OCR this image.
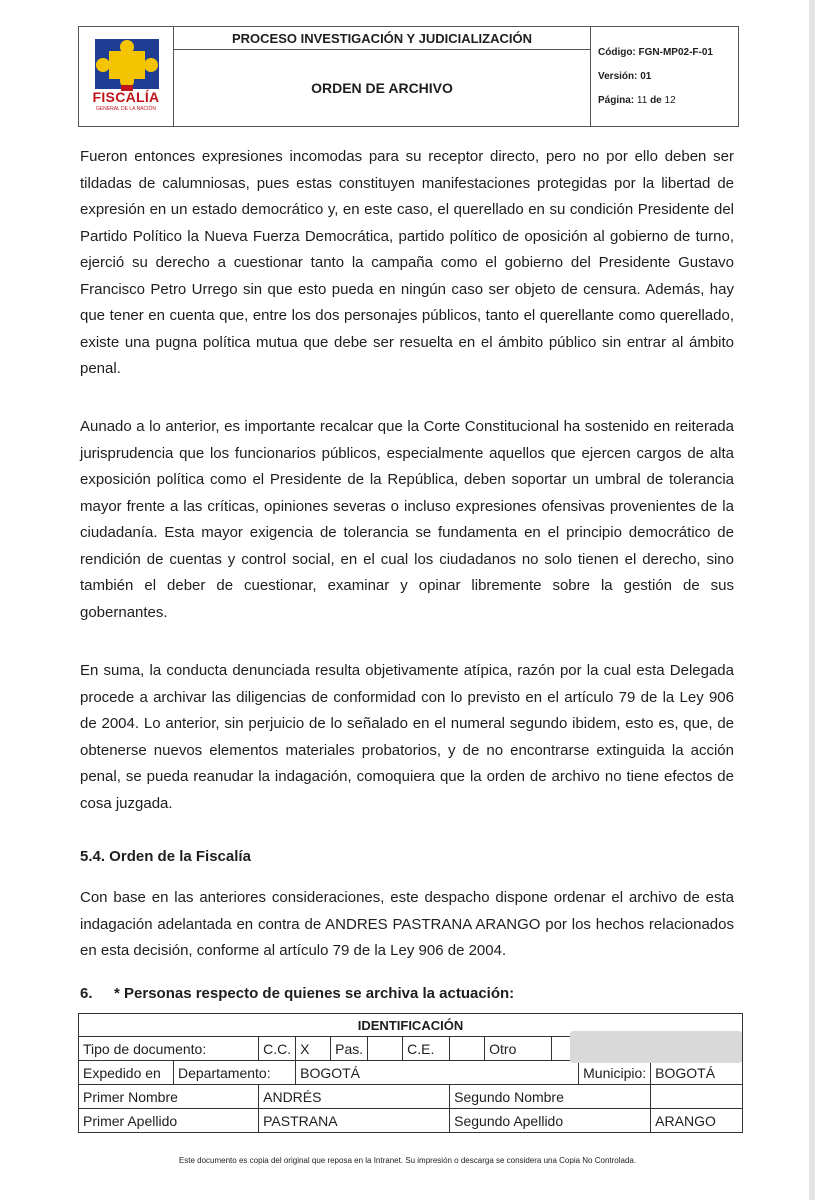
FISCALÍA
GENERAL DE LA NACIÓN
	PROCESO INVESTIGACIÓN Y JUDICIALIZACIÓN	
Código: FGN-MP02-F-01
Versión: 01
Página: 11 de 12

ORDEN DE ARCHIVO

Fueron entonces expresiones incomodas para su receptor directo, pero no por ello deben ser tildadas de calumniosas, pues estas constituyen manifestaciones protegidas por la libertad de expresión en un estado democrático y, en este caso, el querellado en su condición Presidente del Partido Político la Nueva Fuerza Democrática, partido político de oposición al gobierno de turno, ejerció su derecho a cuestionar tanto la campaña como el gobierno del Presidente Gustavo Francisco Petro Urrego sin que esto pueda en ningún caso ser objeto de censura. Además, hay que tener en cuenta que, entre los dos personajes públicos, tanto el querellante como querellado, existe una pugna política mutua que debe ser resuelta en el ámbito público sin entrar al ámbito penal.

Aunado a lo anterior, es importante recalcar que la Corte Constitucional ha sostenido en reiterada jurisprudencia que los funcionarios públicos, especialmente aquellos que ejercen cargos de alta exposición política como el Presidente de la República, deben soportar un umbral de tolerancia mayor frente a las críticas, opiniones severas o incluso expresiones ofensivas provenientes de la ciudadanía. Esta mayor exigencia de tolerancia se fundamenta en el principio democrático de rendición de cuentas y control social, en el cual los ciudadanos no solo tienen el derecho, sino también el deber de cuestionar, examinar y opinar libremente sobre la gestión de sus gobernantes.

En suma, la conducta denunciada resulta objetivamente atípica, razón por la cual esta Delegada procede a archivar las diligencias de conformidad con lo previsto en el artículo 79 de la Ley 906 de 2004. Lo anterior, sin perjuicio de lo señalado en el numeral segundo ibidem, esto es, que, de obtenerse nuevos elementos materiales probatorios, y de no encontrarse extinguida la acción penal, se pueda reanudar la indagación, comoquiera que la orden de archivo no tiene efectos de cosa juzgada.

5.4. Orden de la Fiscalía

Con base en las anteriores consideraciones, este despacho dispone ordenar el archivo de esta indagación adelantada en contra de ANDRES PASTRANA ARANGO por los hechos relacionados en esta decisión, conforme al artículo 79 de la Ley 906 de 2004.

6. * Personas respecto de quienes se archiva la actuación:
IDENTIFICACIÓN											
Tipo de documento:		C.C.	X	Pas.		C.E.		Otro			
Expedido en	Departamento:		BOGOTÁ							Municipio:	BOGOTÁ
Primer Nombre		ANDRÉS					Segundo Nombre				
Primer Apellido		PASTRANA					Segundo Apellido				ARANGO
Este documento es copia del original que reposa en la Intranet. Su impresión o descarga se considera una Copia No Controlada.
